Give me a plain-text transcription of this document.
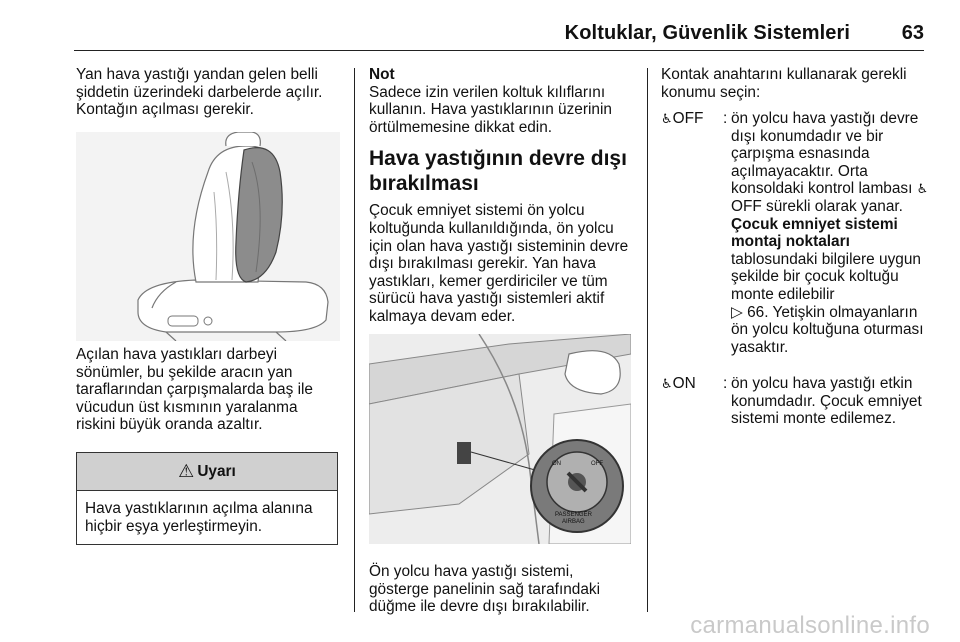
Koltuklar, Güvenlik Sistemleri	63

Yan hava yastığı yandan gelen belli şiddetin üzerindeki darbelerde açılır. Kontağın açılması gerekir.

Açılan hava yastıkları darbeyi sönümler, bu şekilde aracın yan taraflarından çarpışmalarda baş ile vücudun üst kısmının yaralanma riskini büyük oranda azaltır.

⚠ Uyarı
Hava yastıklarının açılma alanına hiçbir eşya yerleştirmeyin.

Not

Sadece izin verilen koltuk kılıflarını kullanın. Hava yastıklarının üzerinin örtülmemesine dikkat edin.

Hava yastığının devre dışı bırakılması

Çocuk emniyet sistemi ön yolcu koltuğunda kullanıldığında, ön yolcu için olan hava yastığı sisteminin devre dışı bırakılması gerekir. Yan hava yastıkları, kemer gerdiriciler ve tüm sürücü hava yastığı sistemleri aktif kalmaya devam eder.

ON	OFF
PASSENGER
AIRBAG

Ön yolcu hava yastığı sistemi, gösterge panelinin sağ tarafındaki düğme ile devre dışı bırakılabilir.

Kontak anahtarını kullanarak gerekli konumu seçin:

♿OFF	: ön yolcu hava yastığı devre dışı konumdadır ve bir çarpışma esnasında açılmayacaktır. Orta konsoldaki kontrol lambası ♿OFF sürekli olarak yanar.
Çocuk emniyet sistemi montaj noktaları
tablosundaki bilgilere uygun şekilde bir çocuk koltuğu monte edilebilir
▷ 66. Yetişkin olmayanların ön yolcu koltuğuna oturması yasaktır.
♿ON	: ön yolcu hava yastığı etkin konumdadır. Çocuk emniyet sistemi monte edilemez.
carmanualsonline.info
